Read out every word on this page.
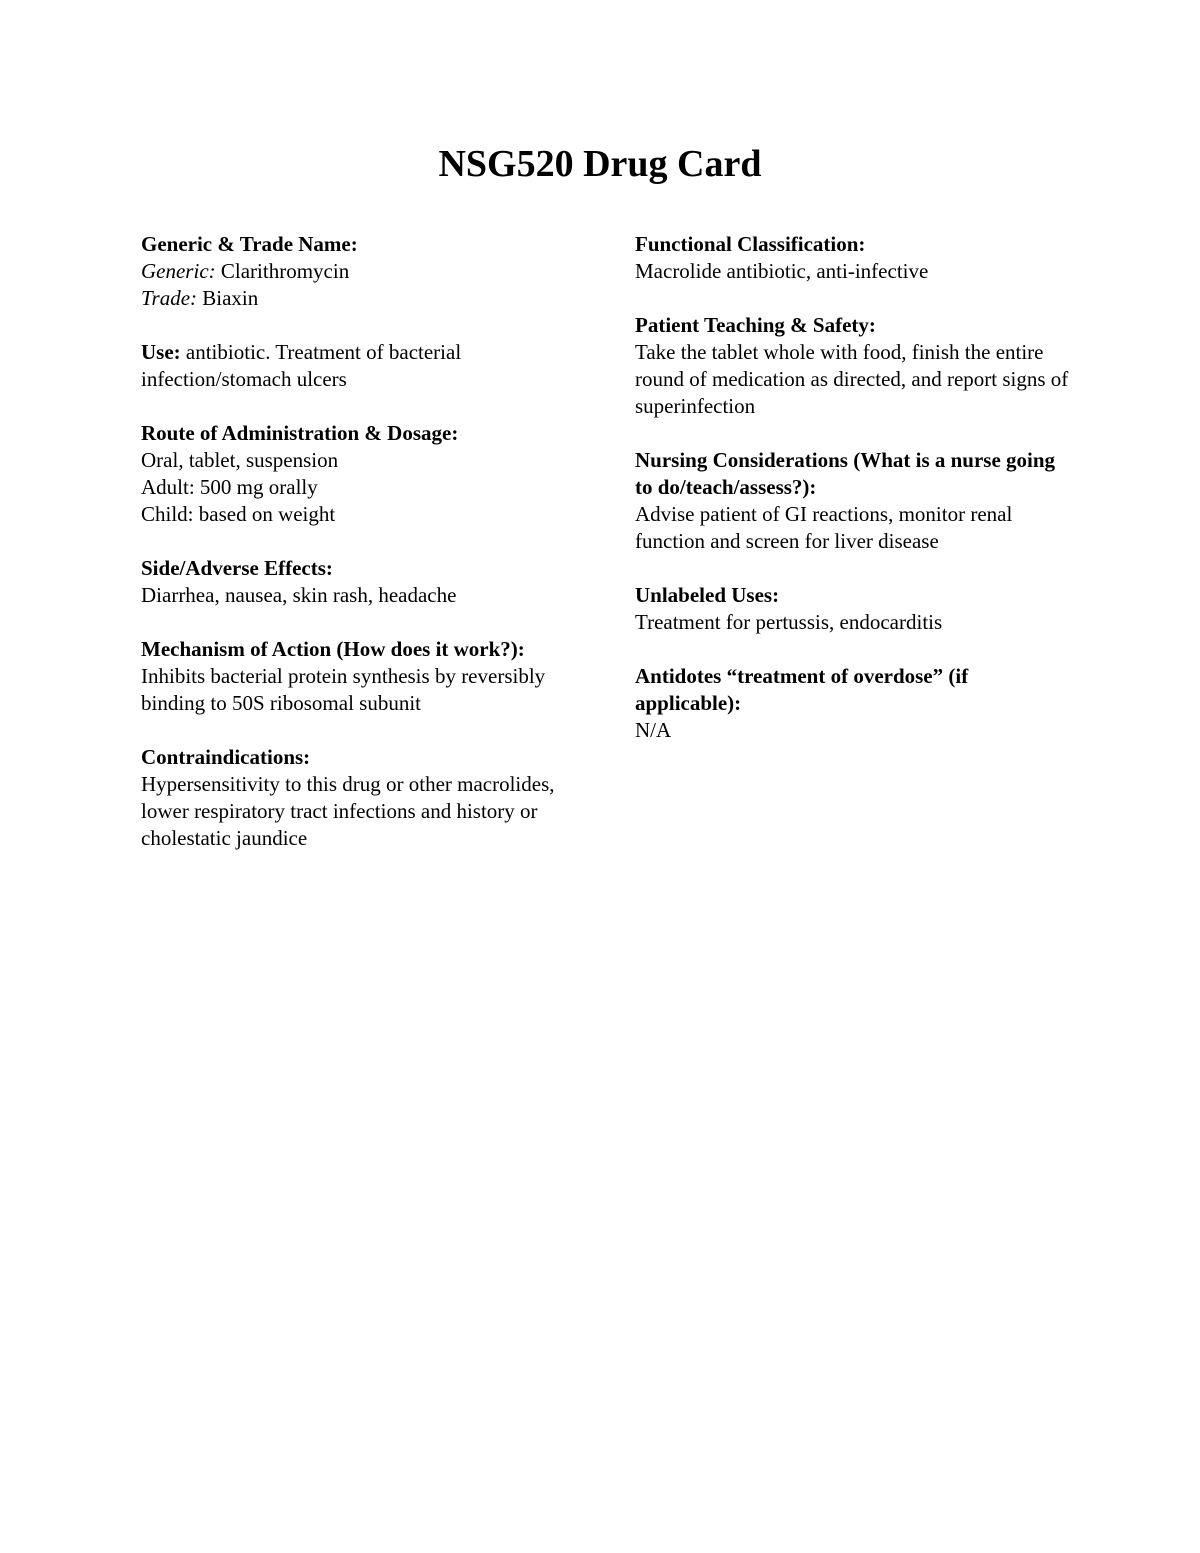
NSG520 Drug Card
Generic & Trade Name:
Generic: Clarithromycin
Trade: Biaxin
Use: antibiotic. Treatment of bacterial infection/stomach ulcers
Route of Administration & Dosage:
Oral, tablet, suspension
Adult: 500 mg orally
Child: based on weight
Side/Adverse Effects:
Diarrhea, nausea, skin rash, headache
Mechanism of Action (How does it work?):
Inhibits bacterial protein synthesis by reversibly binding to 50S ribosomal subunit
Contraindications:
Hypersensitivity to this drug or other macrolides, lower respiratory tract infections and history or cholestatic jaundice
Functional Classification:
Macrolide antibiotic, anti-infective
Patient Teaching & Safety:
Take the tablet whole with food, finish the entire round of medication as directed, and report signs of superinfection
Nursing Considerations (What is a nurse going to do/teach/assess?):
Advise patient of GI reactions, monitor renal function and screen for liver disease
Unlabeled Uses:
Treatment for pertussis, endocarditis
Antidotes “treatment of overdose” (if applicable):
N/A
